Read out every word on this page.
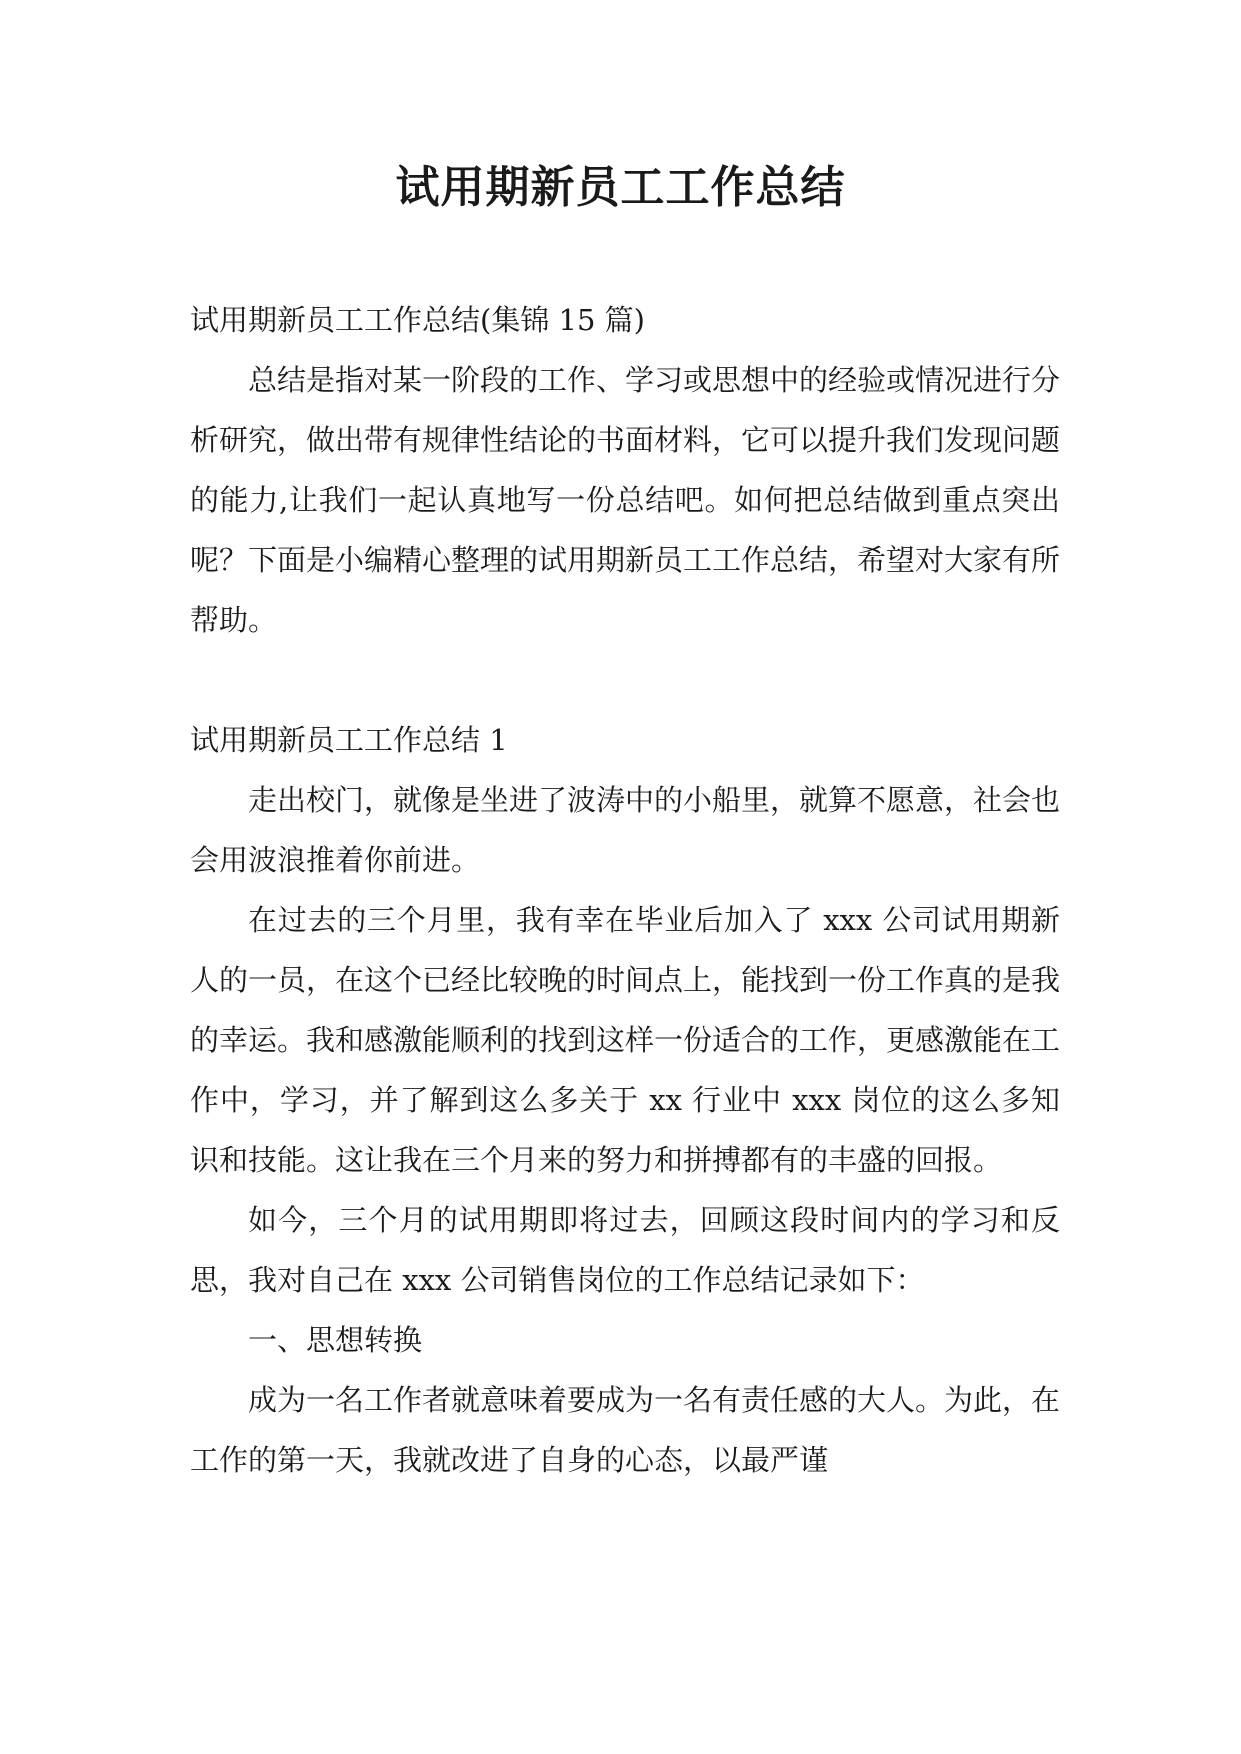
试用期新员工工作总结

试用期新员工工作总结(集锦 15 篇)

总结是指对某一阶段的工作、学习或思想中的经验或情况进行分析研究，做出带有规律性结论的书面材料，它可以提升我们发现问题的能力,让我们一起认真地写一份总结吧。如何把总结做到重点突出呢？下面是小编精心整理的试用期新员工工作总结，希望对大家有所帮助。

试用期新员工工作总结 1

走出校门，就像是坐进了波涛中的小船里，就算不愿意，社会也会用波浪推着你前进。

在过去的三个月里，我有幸在毕业后加入了 xxx 公司试用期新人的一员，在这个已经比较晚的时间点上，能找到一份工作真的是我的幸运。我和感激能顺利的找到这样一份适合的工作，更感激能在工作中，学习，并了解到这么多关于 xx 行业中 xxx 岗位的这么多知识和技能。这让我在三个月来的努力和拼搏都有的丰盛的回报。

如今，三个月的试用期即将过去，回顾这段时间内的学习和反思，我对自己在 xxx 公司销售岗位的工作总结记录如下：

一、思想转换

成为一名工作者就意味着要成为一名有责任感的大人。为此，在工作的第一天，我就改进了自身的心态，以最严谨
